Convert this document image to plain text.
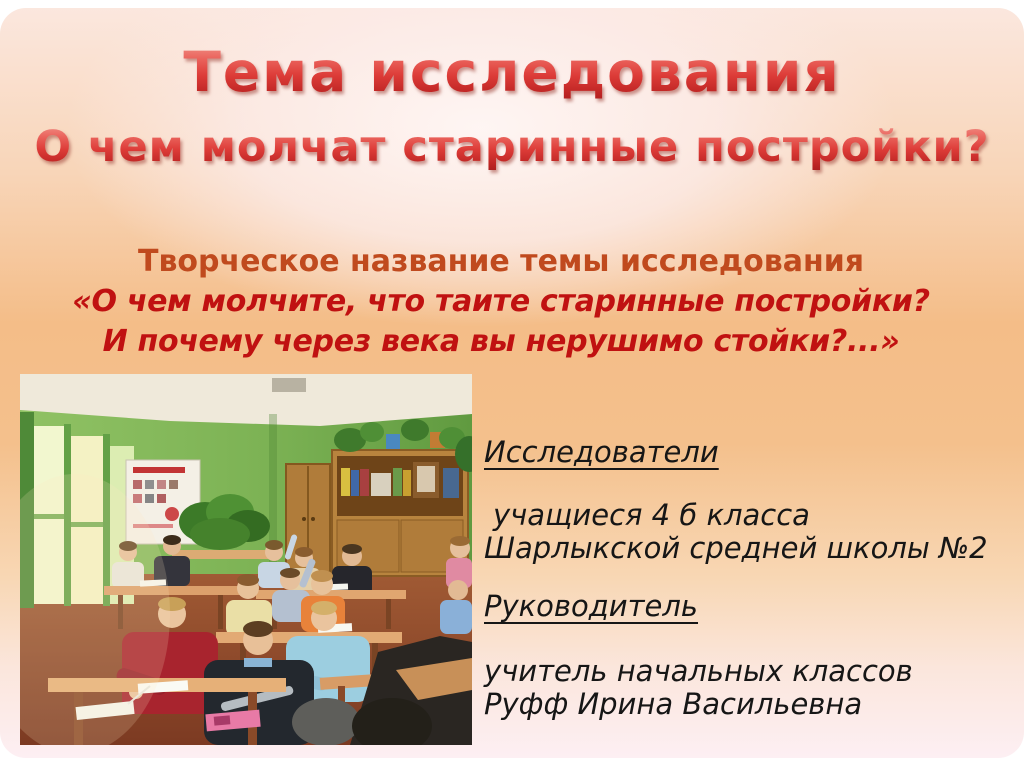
Тема исследования
О чем молчат старинные постройки?
Творческое название темы исследования
«О чем молчите, что таите старинные постройки?
И почему через века вы нерушимо стойки?...»
Исследователи
учащиеся 4 б класса
Шарлыкской средней школы №2
Руководитель
учитель начальных классов
Руфф Ирина Васильевна
